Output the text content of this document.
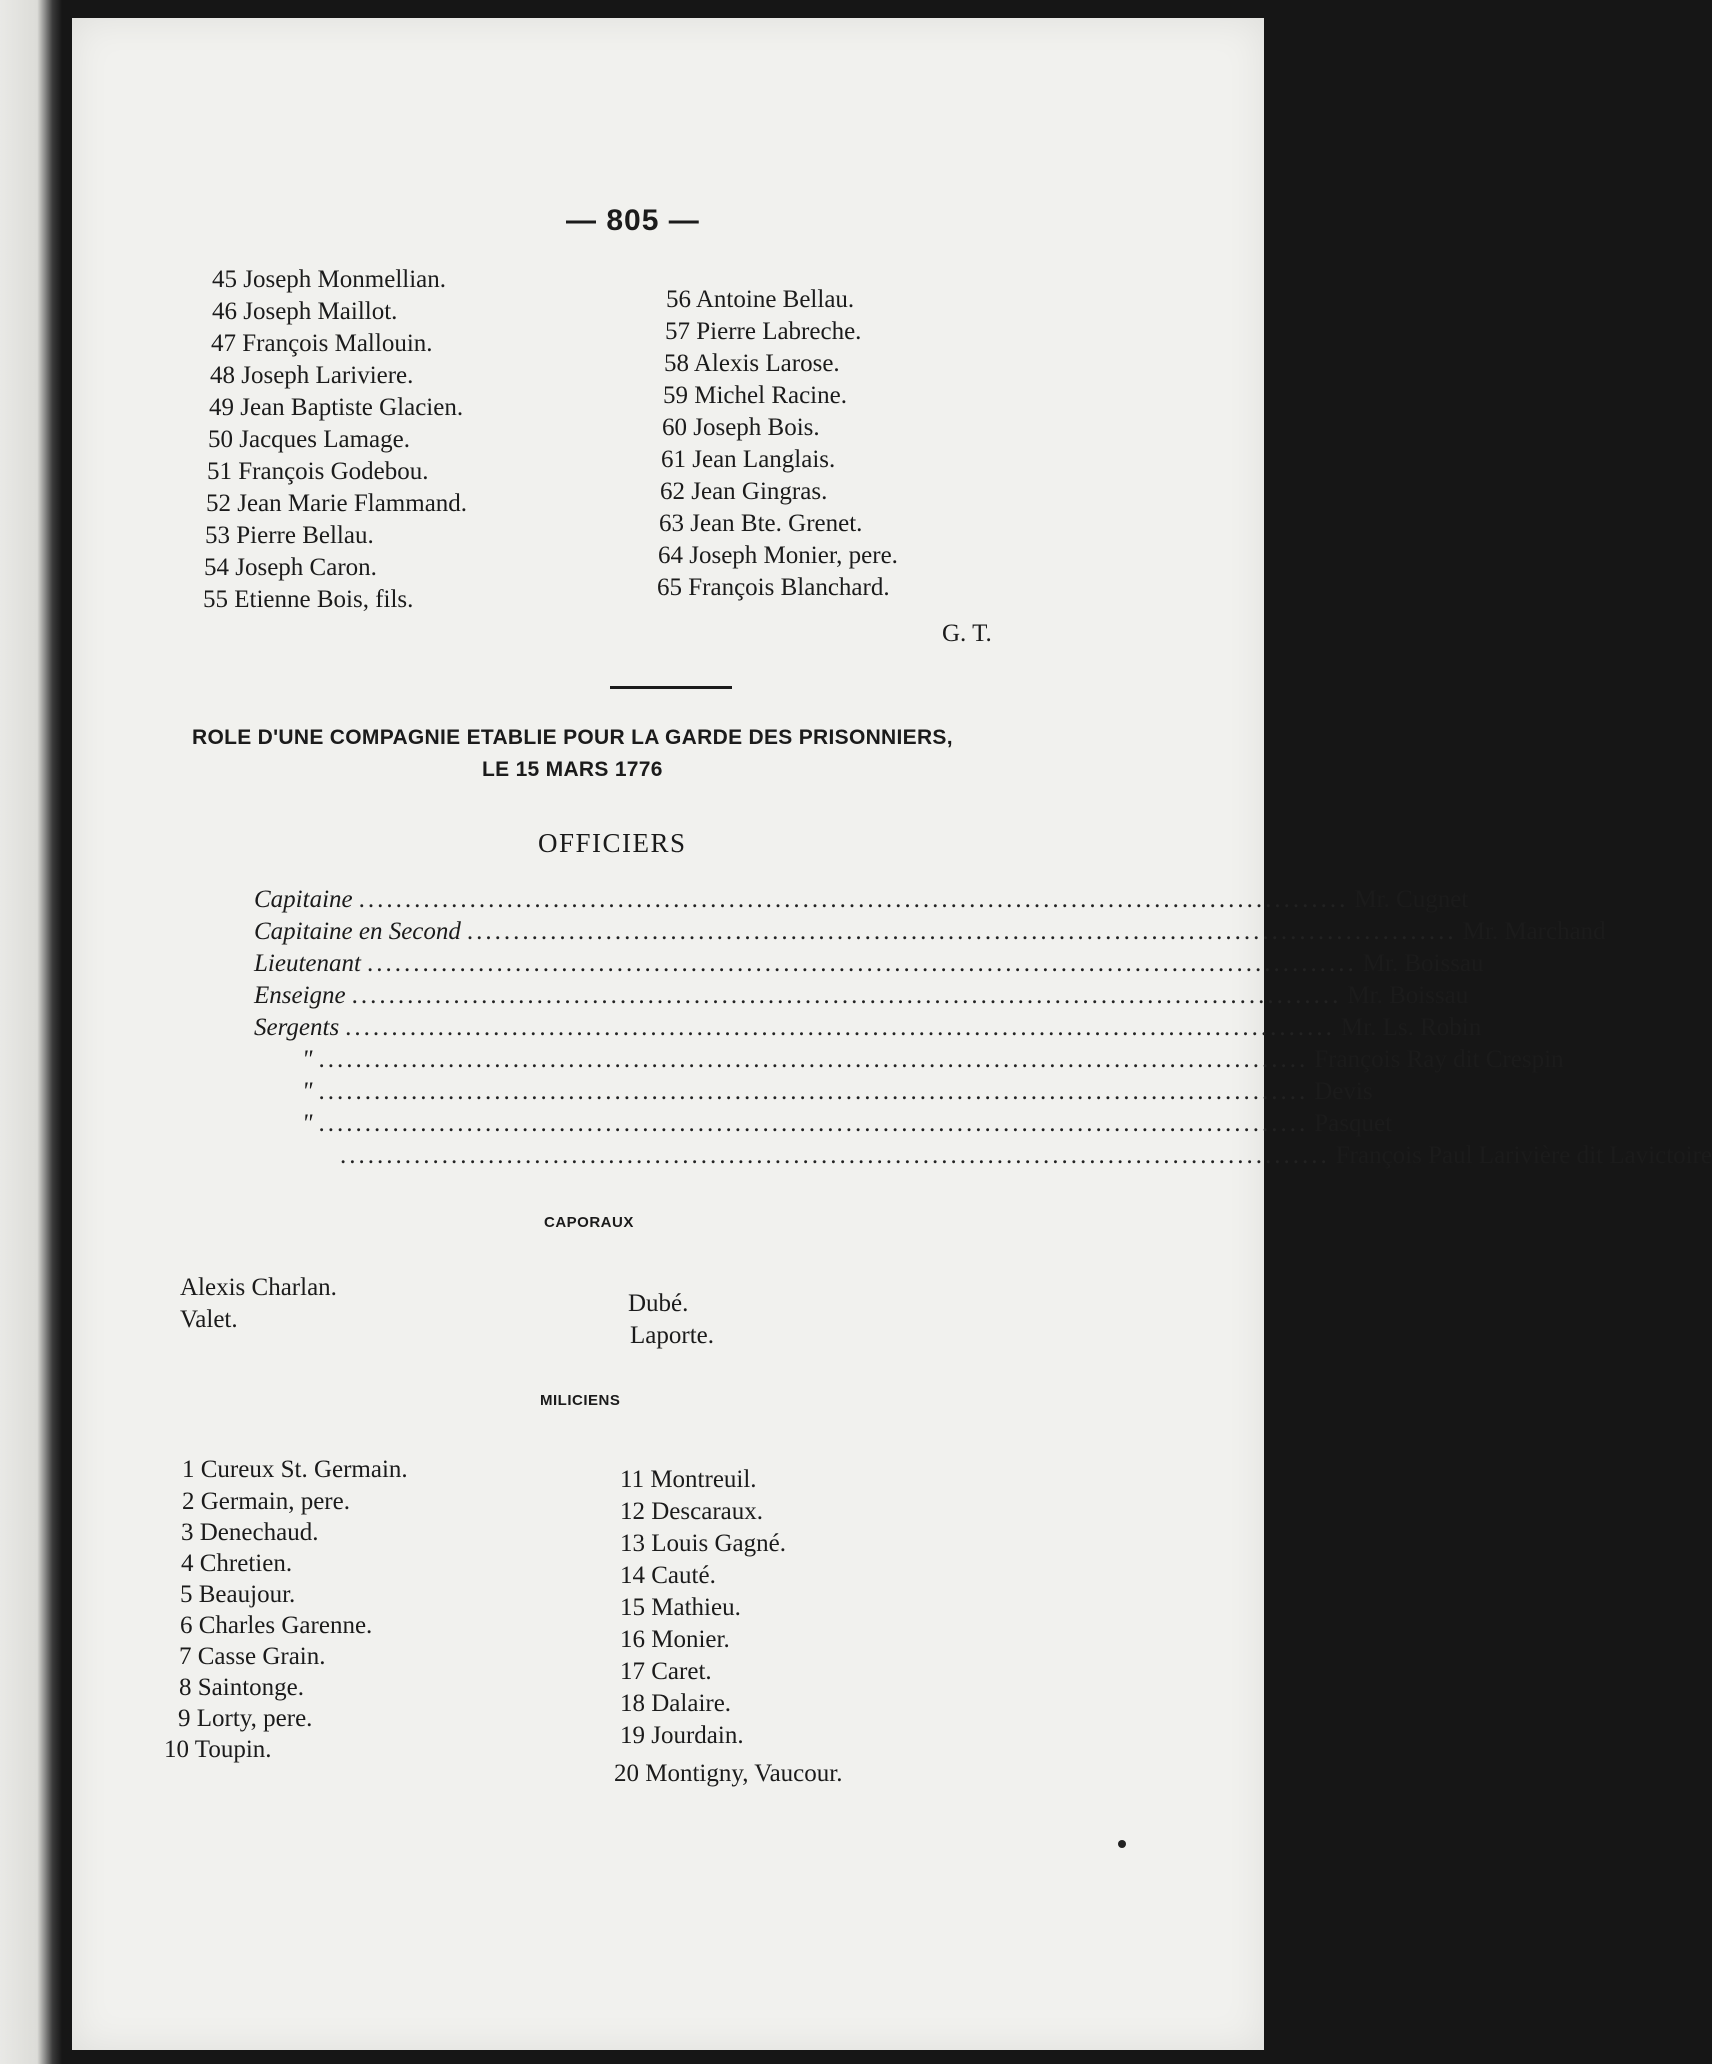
— 805 —
45 Joseph Monmellian.
46 Joseph Maillot.
47 François Mallouin.
48 Joseph Lariviere.
49 Jean Baptiste Glacien.
50 Jacques Lamage.
51 François Godebou.
52 Jean Marie Flammand.
53 Pierre Bellau.
54 Joseph Caron.
55 Etienne Bois, fils.
56 Antoine Bellau.
57 Pierre Labreche.
58 Alexis Larose.
59 Michel Racine.
60 Joseph Bois.
61 Jean Langlais.
62 Jean Gingras.
63 Jean Bte. Grenet.
64 Joseph Monier, pere.
65 François Blanchard.
G. T.
ROLE D'UNE COMPAGNIE ETABLIE POUR LA GARDE DES PRISONNIERS,
LE 15 MARS 1776
OFFICIERS
Capitaine ........................................................................................................... Mr. Cugnet
Capitaine en Second ........................................................................................................... Mr. Marchand
Lieutenant ........................................................................................................... Mr. Boissau
Enseigne ........................................................................................................... Mr. Boissau
Sergents ........................................................................................................... Mr. Ls. Robin
" ........................................................................................................... François Ray dit Crespin
" ........................................................................................................... Devis
" ........................................................................................................... Pasquet
........................................................................................................... François Paul Larivière dit Lavictoire
CAPORAUX
Alexis Charlan.
Valet.
Dubé.
Laporte.
MILICIENS
1 Cureux St. Germain.
2 Germain, pere.
3 Denechaud.
4 Chretien.
5 Beaujour.
6 Charles Garenne.
7 Casse Grain.
8 Saintonge.
9 Lorty, pere.
10 Toupin.
11 Montreuil.
12 Descaraux.
13 Louis Gagné.
14 Cauté.
15 Mathieu.
16 Monier.
17 Caret.
18 Dalaire.
19 Jourdain.
20 Montigny, Vaucour.
